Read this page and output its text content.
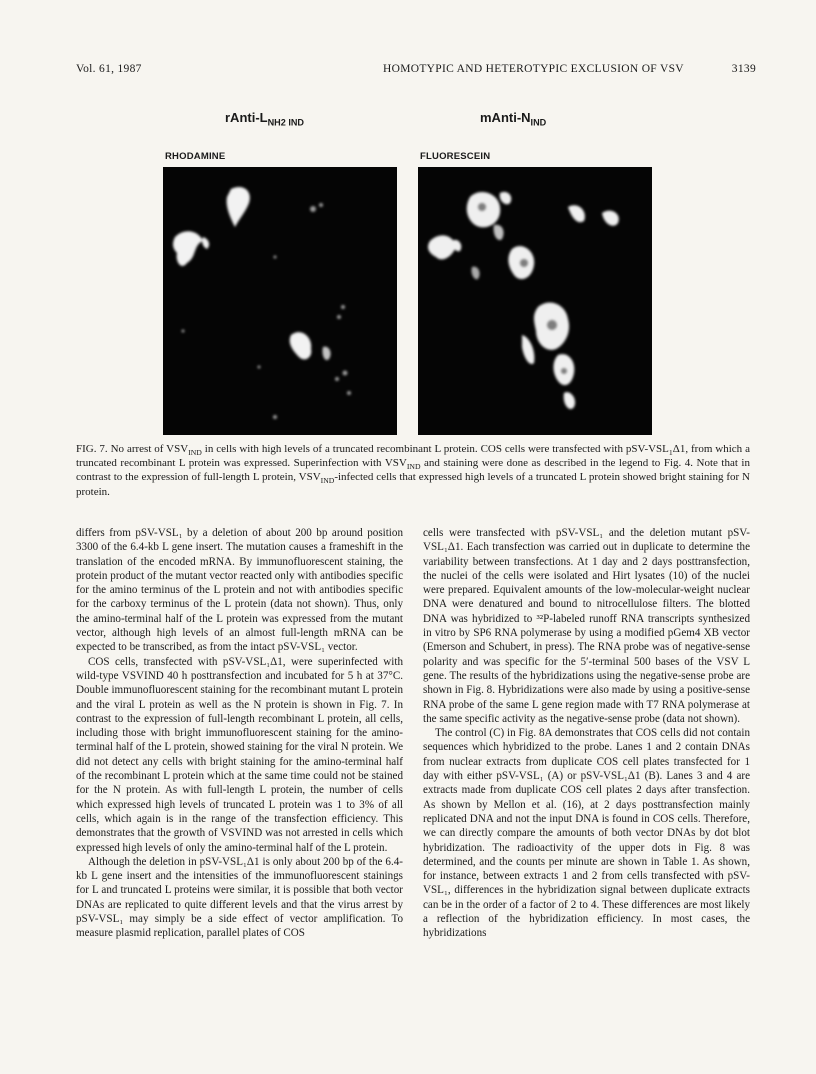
Vol. 61, 1987	HOMOTYPIC AND HETEROTYPIC EXCLUSION OF VSV	3139
rAnti-$L_{NH2 IND}$	mAnti-$N_{IND}$
RHODAMINE	FLUORESCEIN
FIG. 7. No arrest of $VSV_{IND}$ in cells with high levels of a truncated recombinant L protein. COS cells were transfected with pSV-$VSL_1\Delta 1$, from which a truncated recombinant L protein was expressed. Superinfection with $VSV_{IND}$ and staining were done as described in the legend to Fig. 4. Note that in contrast to the expression of full-length L protein, $VSV_{IND}$-infected cells that expressed high levels of a truncated L protein showed bright staining for N protein.

differs from pSV-VSL₁ by a deletion of about 200 bp around position 3300 of the 6.4-kb L gene insert. The mutation causes a frameshift in the translation of the encoded mRNA. By immunofluorescent staining, the protein product of the mutant vector reacted only with antibodies specific for the amino terminus of the L protein and not with antibodies specific for the carboxy terminus of the L protein (data not shown). Thus, only the amino-terminal half of the L protein was expressed from the mutant vector, although high levels of an almost full-length mRNA can be expected to be transcribed, as from the intact pSV-VSL₁ vector.

COS cells, transfected with pSV-VSL₁Δ1, were superinfected with wild-type VSVIND 40 h posttransfection and incubated for 5 h at 37°C. Double immunofluorescent staining for the recombinant mutant L protein and the viral L protein as well as the N protein is shown in Fig. 7. In contrast to the expression of full-length recombinant L protein, all cells, including those with bright immunofluorescent staining for the amino-terminal half of the L protein, showed staining for the viral N protein. We did not detect any cells with bright staining for the amino-terminal half of the recombinant L protein which at the same time could not be stained for the N protein. As with full-length L protein, the number of cells which expressed high levels of truncated L protein was 1 to 3% of all cells, which again is in the range of the transfection efficiency. This demonstrates that the growth of VSVIND was not arrested in cells which expressed high levels of only the amino-terminal half of the L protein.

Although the deletion in pSV-VSL₁Δ1 is only about 200 bp of the 6.4-kb L gene insert and the intensities of the immunofluorescent stainings for L and truncated L proteins were similar, it is possible that both vector DNAs are replicated to quite different levels and that the virus arrest by pSV-VSL₁ may simply be a side effect of vector amplification. To measure plasmid replication, parallel plates of COS

cells were transfected with pSV-VSL₁ and the deletion mutant pSV-VSL₁Δ1. Each transfection was carried out in duplicate to determine the variability between transfections. At 1 day and 2 days posttransfection, the nuclei of the cells were isolated and Hirt lysates (10) of the nuclei were prepared. Equivalent amounts of the low-molecular-weight nuclear DNA were denatured and bound to nitrocellulose filters. The blotted DNA was hybridized to ³²P-labeled runoff RNA transcripts synthesized in vitro by SP6 RNA polymerase by using a modified pGem4 XB vector (Emerson and Schubert, in press). The RNA probe was of negative-sense polarity and was specific for the 5′-terminal 500 bases of the VSV L gene. The results of the hybridizations using the negative-sense probe are shown in Fig. 8. Hybridizations were also made by using a positive-sense RNA probe of the same L gene region made with T7 RNA polymerase at the same specific activity as the negative-sense probe (data not shown).

The control (C) in Fig. 8A demonstrates that COS cells did not contain sequences which hybridized to the probe. Lanes 1 and 2 contain DNAs from nuclear extracts from duplicate COS cell plates transfected for 1 day with either pSV-VSL₁ (A) or pSV-VSL₁Δ1 (B). Lanes 3 and 4 are extracts made from duplicate COS cell plates 2 days after transfection. As shown by Mellon et al. (16), at 2 days posttransfection mainly replicated DNA and not the input DNA is found in COS cells. Therefore, we can directly compare the amounts of both vector DNAs by dot blot hybridization. The radioactivity of the upper dots in Fig. 8 was determined, and the counts per minute are shown in Table 1. As shown, for instance, between extracts 1 and 2 from cells transfected with pSV-VSL₁, differences in the hybridization signal between duplicate extracts can be in the order of a factor of 2 to 4. These differences are most likely a reflection of the hybridization efficiency. In most cases, the hybridizations
